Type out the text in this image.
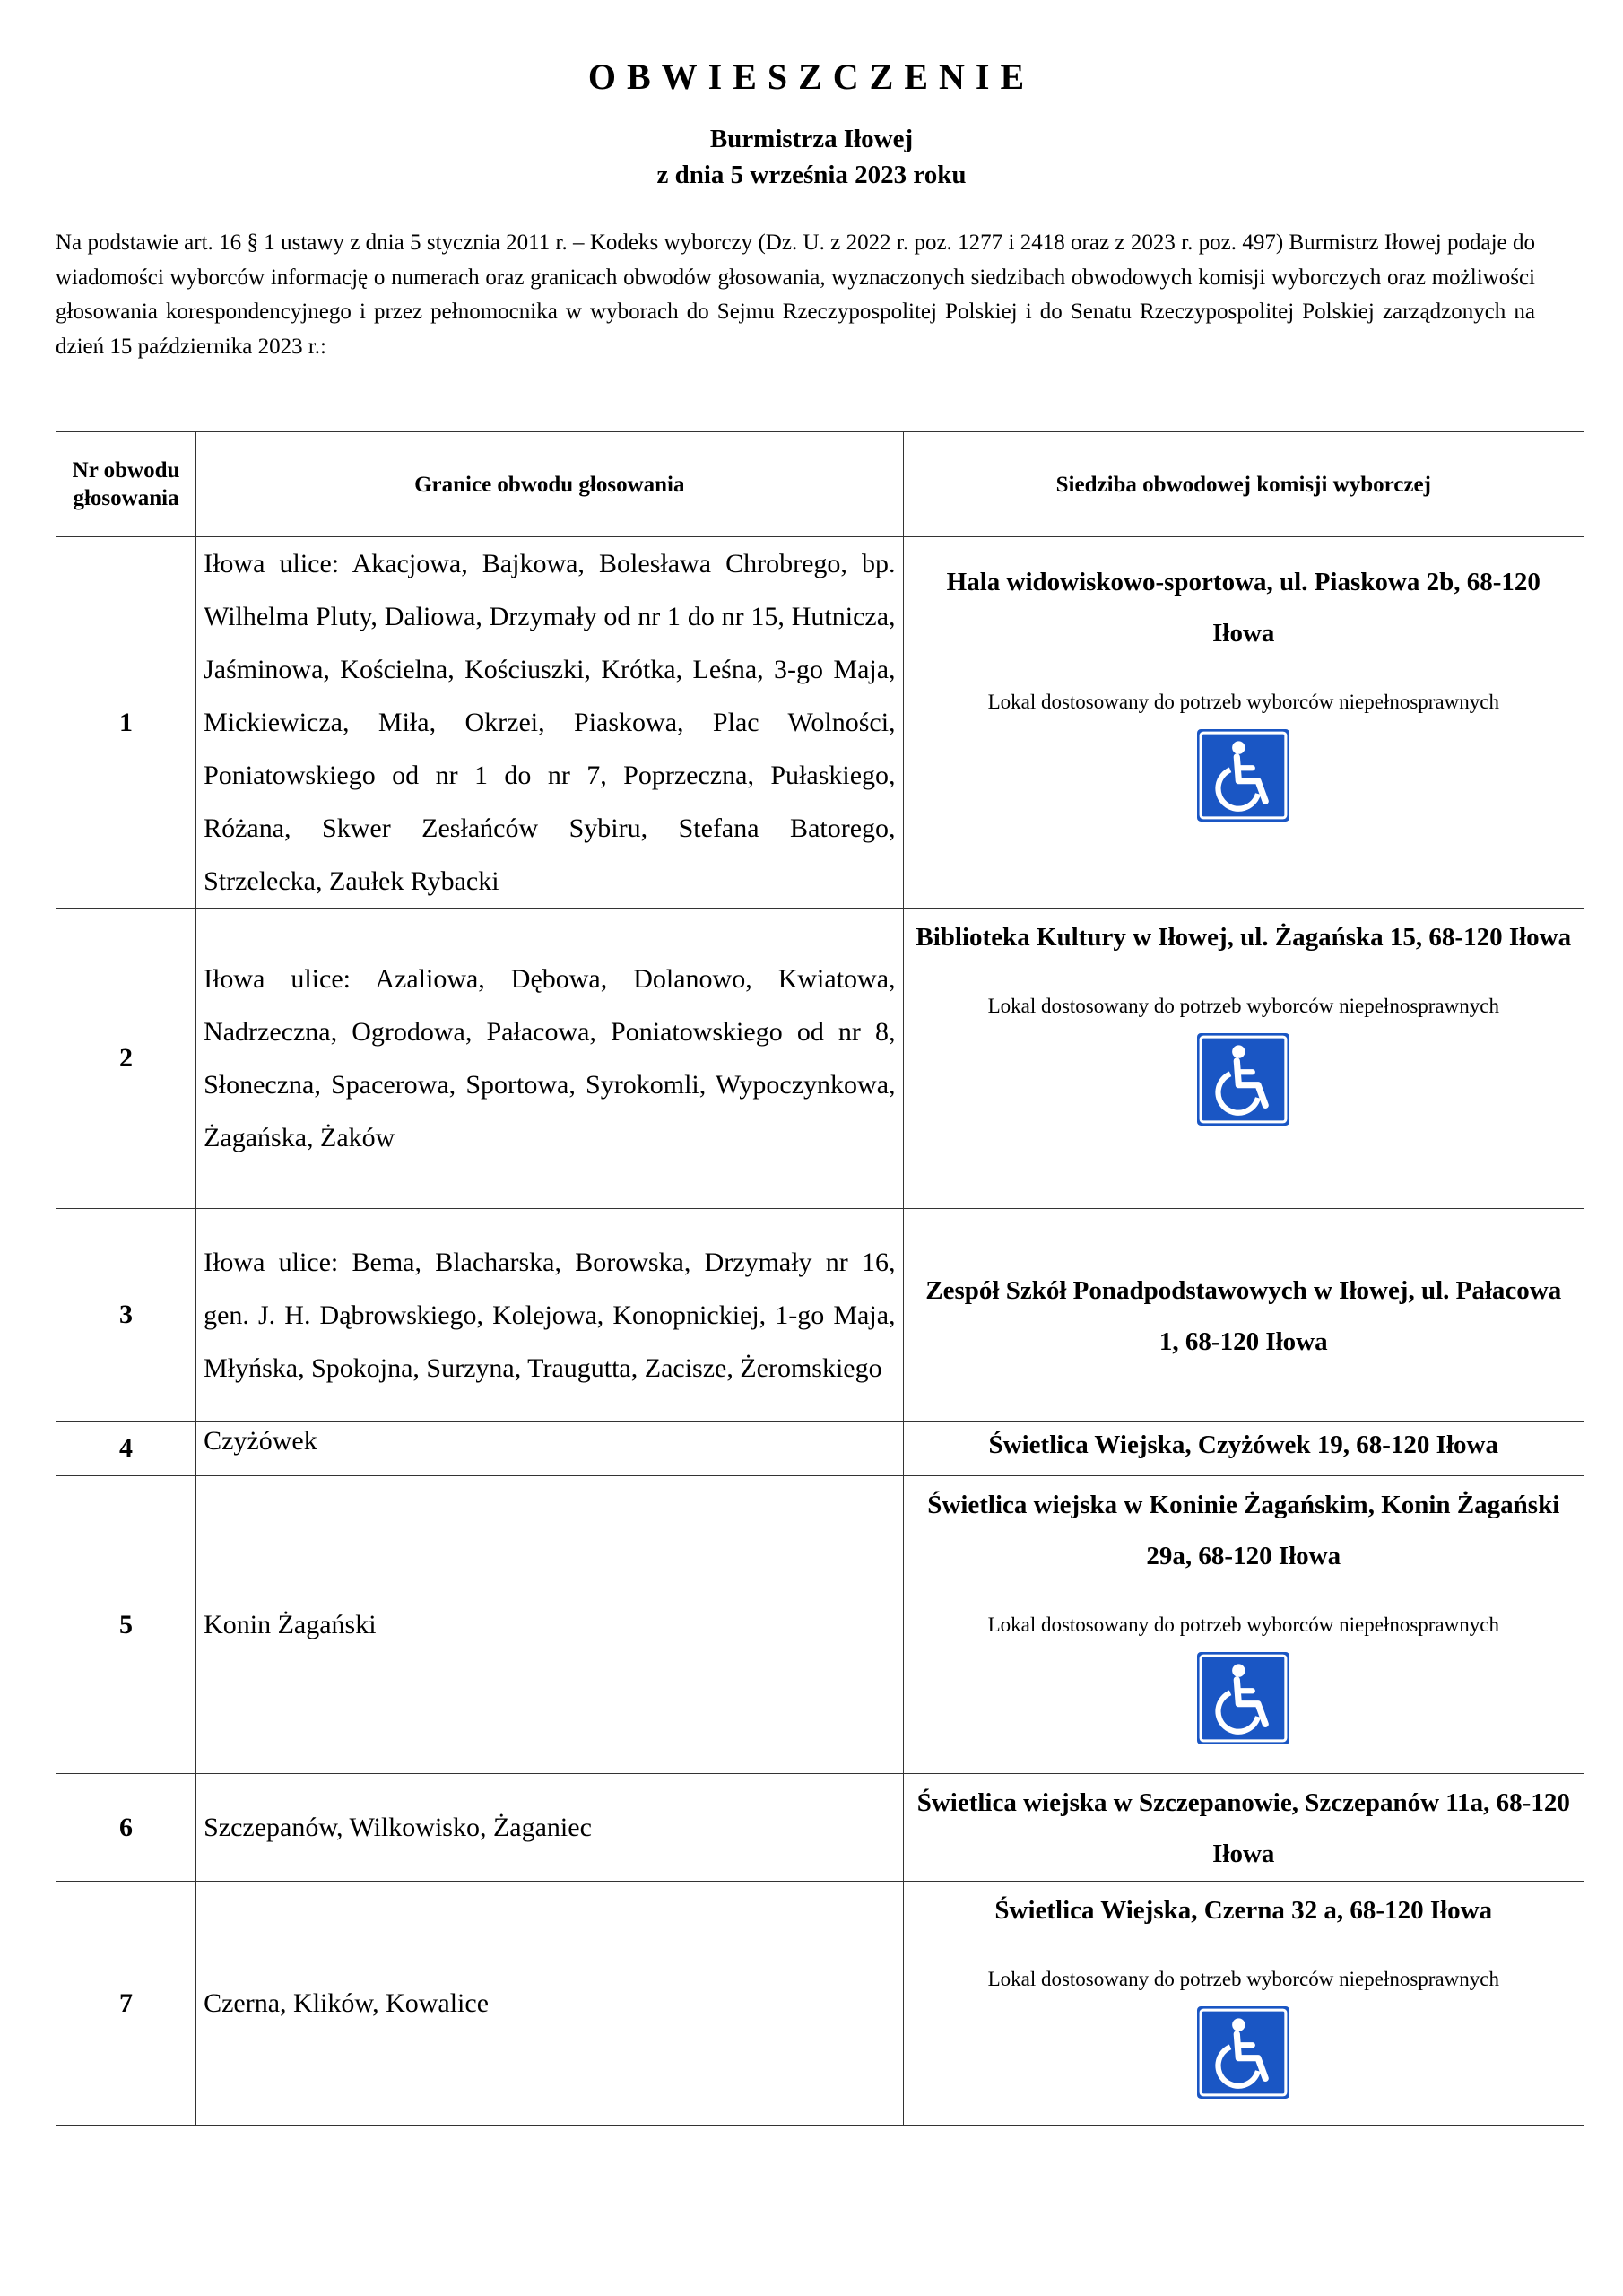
OBWIESZCZENIE
Burmistrza Iłowej
z dnia 5 września 2023 roku
Na podstawie art. 16 § 1 ustawy z dnia 5 stycznia 2011 r. – Kodeks wyborczy (Dz. U. z 2022 r. poz. 1277 i 2418 oraz z 2023 r. poz. 497) Burmistrz Iłowej podaje do wiadomości wyborców informację o numerach oraz granicach obwodów głosowania, wyznaczonych siedzibach obwodowych komisji wyborczych oraz możliwości głosowania korespondencyjnego i przez pełnomocnika w wyborach do Sejmu Rzeczypospolitej Polskiej i do Senatu Rzeczypospolitej Polskiej zarządzonych na dzień 15 października 2023 r.:
Nr obwodu głosowania	Granice obwodu głosowania	Siedziba obwodowej komisji wyborczej
1	Iłowa ulice: Akacjowa, Bajkowa, Bolesława Chrobrego, bp. Wilhelma Pluty, Daliowa, Drzymały od nr 1 do nr 15, Hutnicza, Jaśminowa, Kościelna, Kościuszki, Krótka, Leśna, 3-go Maja, Mickiewicza, Miła, Okrzei, Piaskowa, Plac Wolności, Poniatowskiego od nr 1 do nr 7, Poprzeczna, Pułaskiego, Różana, Skwer Zesłańców Sybiru, Stefana Batorego, Strzelecka, Zaułek Rybacki	Hala widowiskowo-sportowa, ul. Piaskowa 2b, 68-120 Iłowa
Lokal dostosowany do potrzeb wyborców niepełnosprawnych

2	Iłowa ulice: Azaliowa, Dębowa, Dolanowo, Kwiatowa, Nadrzeczna, Ogrodowa, Pałacowa, Poniatowskiego od nr 8, Słoneczna, Spacerowa, Sportowa, Syrokomli, Wypoczynkowa, Żagańska, Żaków	Biblioteka Kultury w Iłowej, ul. Żagańska 15, 68-120 Iłowa
Lokal dostosowany do potrzeb wyborców niepełnosprawnych

3	Iłowa ulice: Bema, Blacharska, Borowska, Drzymały nr 16, gen. J. H. Dąbrowskiego, Kolejowa, Konopnickiej, 1-go Maja, Młyńska, Spokojna, Surzyna, Traugutta, Zacisze, Żeromskiego	Zespół Szkół Ponadpodstawowych w Iłowej, ul. Pałacowa 1, 68-120 Iłowa

4	Czyżówek	Świetlica Wiejska, Czyżówek 19, 68-120 Iłowa

5	Konin Żagański	Świetlica wiejska w Koninie Żagańskim, Konin Żagański 29a, 68-120 Iłowa
Lokal dostosowany do potrzeb wyborców niepełnosprawnych

6	Szczepanów, Wilkowisko, Żaganiec	Świetlica wiejska w Szczepanowie, Szczepanów 11a, 68-120 Iłowa

7	Czerna, Klików, Kowalice	Świetlica Wiejska, Czerna 32 a, 68-120 Iłowa
Lokal dostosowany do potrzeb wyborców niepełnosprawnych
